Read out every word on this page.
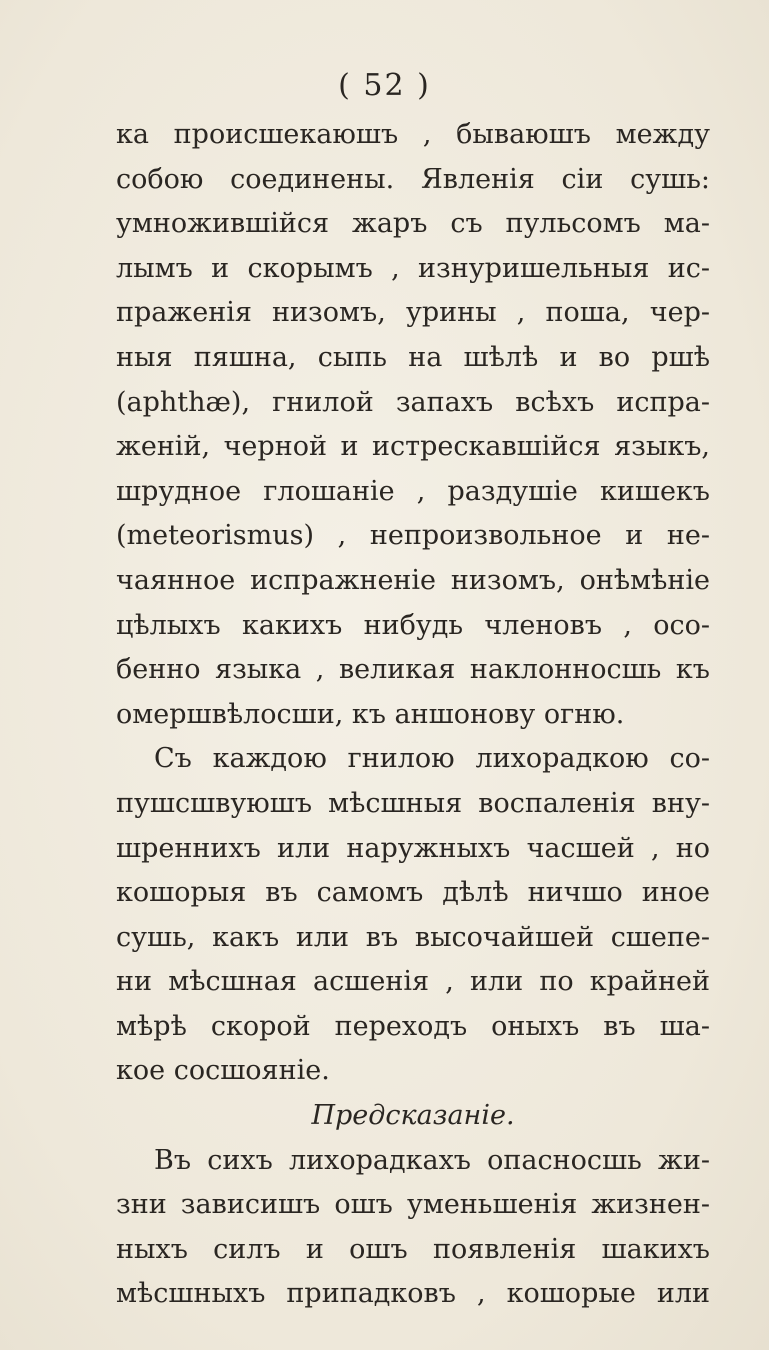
( 52 )
ка происшекаюшъ , бываюшъ между
собою соединены. Явленія сіи сушь:
умножившійся жаръ съ пульсомъ ма-
лымъ и скорымъ , изнуришельныя ис-
праженія низомъ, урины , поша, чер-
ныя пяшна, сыпь на шѣлѣ и во ршѣ
(aphthæ), гнилой запахъ всѣхъ испра-
женій, черной и истрескавшійся языкъ,
шрудное глошаніе , раздушіе кишекъ
(meteorismus) , непроизвольное и не-
чаянное испражненіе низомъ, онѣмѣніе
цѣлыхъ какихъ нибудь членовъ , осо-
бенно языка , великая наклонносшь къ
омершвѣлосши, къ аншонову огню.
Съ каждою гнилою лихорадкою со-
пушсшвуюшъ мѣсшныя воспаленія вну-
шреннихъ или наружныхъ часшей , но
кошорыя въ самомъ дѣлѣ ничшо иное
сушь, какъ или въ высочайшей сшепе-
ни мѣсшная асшенія , или по крайней
мѣрѣ скорой переходъ оныхъ въ ша-
кое сосшояніе.
Предсказаніе.
Въ сихъ лихорадкахъ опасносшь жи-
зни зависишъ ошъ уменьшенія жизнен-
ныхъ силъ и ошъ появленія шакихъ
мѣсшныхъ припадковъ , кошорые или
